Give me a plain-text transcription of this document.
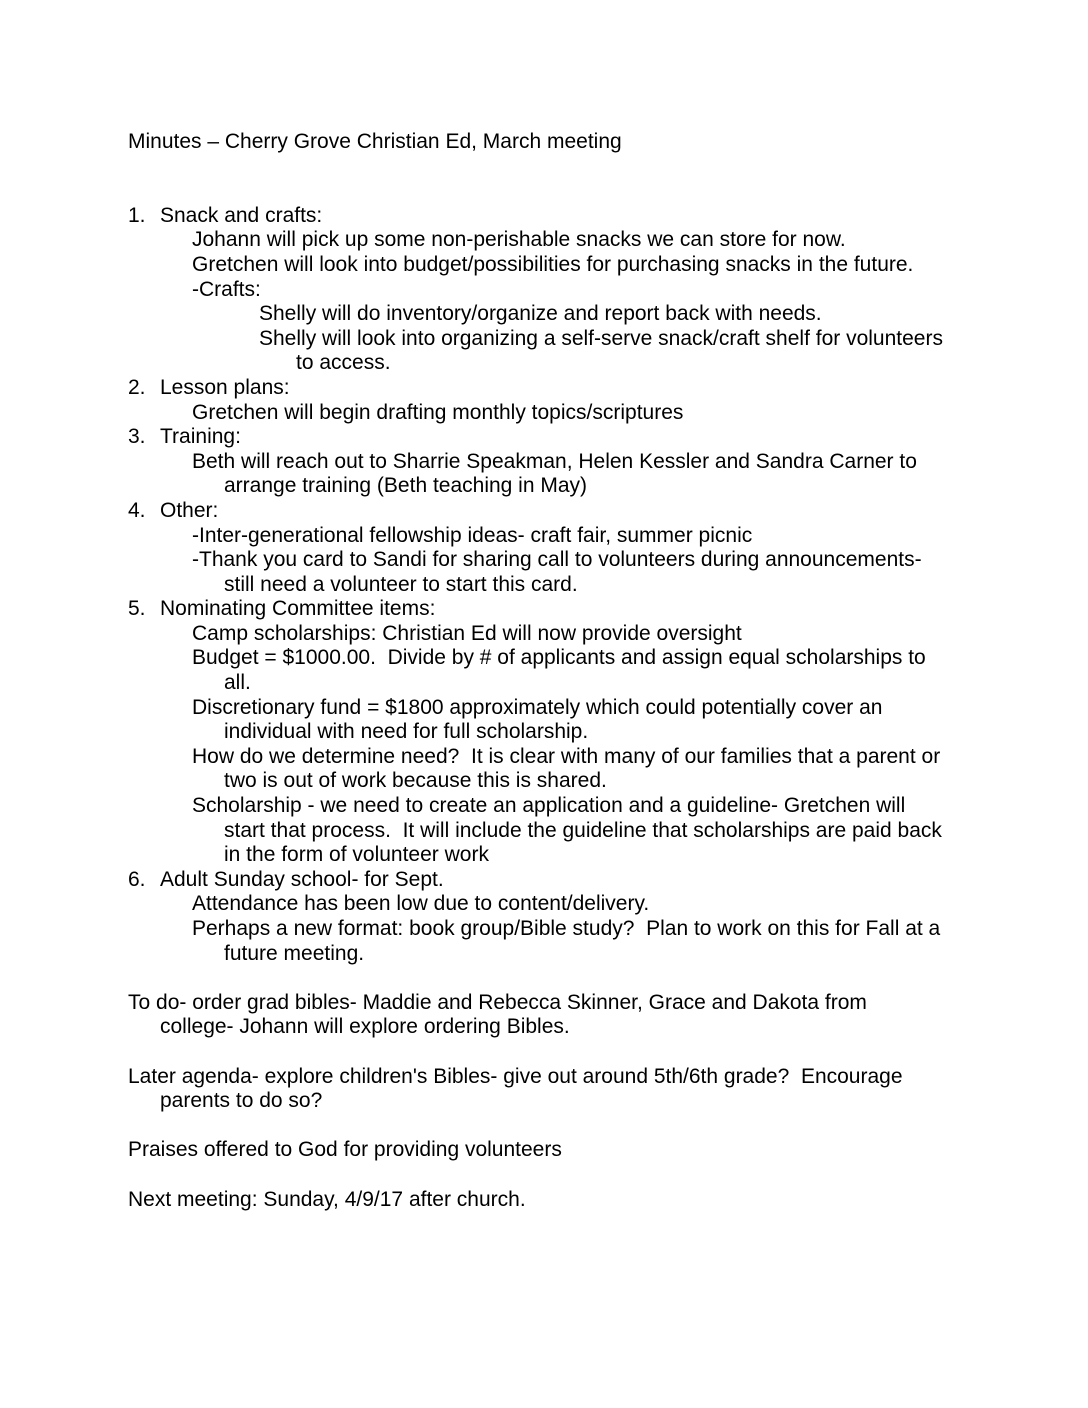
Minutes – Cherry Grove Christian Ed, March meeting
1. Snack and crafts:
Johann will pick up some non-perishable snacks we can store for now.
Gretchen will look into budget/possibilities for purchasing snacks in the future.
-Crafts:
Shelly will do inventory/organize and report back with needs.
Shelly will look into organizing a self-serve snack/craft shelf for volunteers
to access.
2. Lesson plans:
Gretchen will begin drafting monthly topics/scriptures
3. Training:
Beth will reach out to Sharrie Speakman, Helen Kessler and Sandra Carner to
arrange training (Beth teaching in May)
4. Other:
-Inter-generational fellowship ideas- craft fair, summer picnic
-Thank you card to Sandi for sharing call to volunteers during announcements-
still need a volunteer to start this card.
5. Nominating Committee items:
Camp scholarships: Christian Ed will now provide oversight
Budget = $1000.00.  Divide by # of applicants and assign equal scholarships to
all.
Discretionary fund = $1800 approximately which could potentially cover an
individual with need for full scholarship.
How do we determine need?  It is clear with many of our families that a parent or
two is out of work because this is shared.
Scholarship - we need to create an application and a guideline- Gretchen will
start that process.  It will include the guideline that scholarships are paid back
in the form of volunteer work
6. Adult Sunday school- for Sept.
Attendance has been low due to content/delivery.
Perhaps a new format: book group/Bible study?  Plan to work on this for Fall at a
future meeting.
To do- order grad bibles- Maddie and Rebecca Skinner, Grace and Dakota from
college- Johann will explore ordering Bibles.
Later agenda- explore children's Bibles- give out around 5th/6th grade?  Encourage
parents to do so?
Praises offered to God for providing volunteers
Next meeting: Sunday, 4/9/17 after church.
